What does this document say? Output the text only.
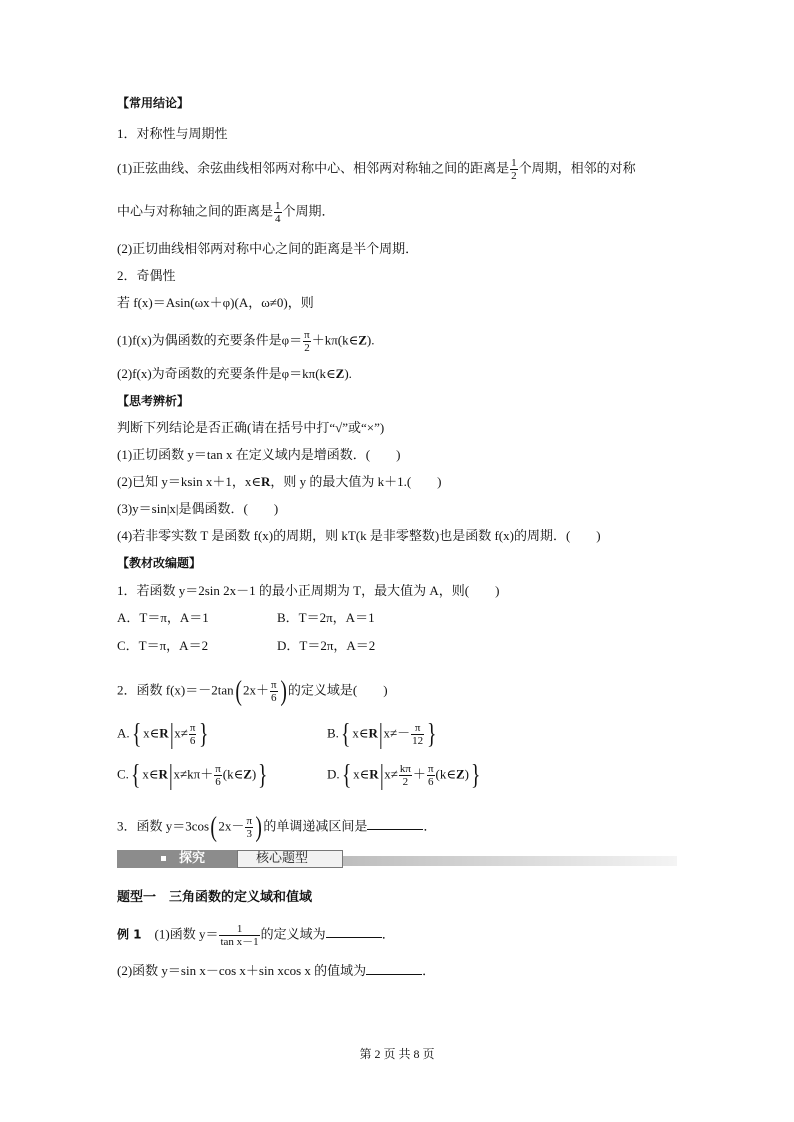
【常用结论】
1．对称性与周期性
(1)正弦曲线、余弦曲线相邻两对称中心、相邻两对称轴之间的距离是 $\frac{1}{2}$ 个周期，相邻的对称
中心与对称轴之间的距离是 $\frac{1}{4}$ 个周期．
(2)正切曲线相邻两对称中心之间的距离是半个周期．
2．奇偶性
若 f(x)＝Asin(ωx＋φ)(A，ω≠0)，则
(1)f(x)为偶函数的充要条件是$\varphi= \frac{\pi}{2}$ ＋kπ(k∈Z).
(2)f(x)为奇函数的充要条件是φ＝kπ(k∈Z).
【思考辨析】
判断下列结论是否正确(请在括号中打“√”或“×”)
(1)正切函数 y＝tan x 在定义域内是增函数．(　　)
(2)已知 y＝ksin x＋1，x∈R，则 y 的最大值为 k＋1.(　　)
(3)y＝sin|x|是偶函数．(　　)
(4)若非零实数 T 是函数 f(x)的周期，则 kT(k 是非零整数)也是函数 f(x)的周期．(　　)
【教材改编题】
1．若函数 y＝2sin 2x－1 的最小正周期为 T，最大值为 A，则(　　)
A．T＝π，A＝1	B．T＝2π，A＝1
C．T＝π，A＝2	D．T＝2π，A＝2
2．函数 $f(x)=-2\tan(2x+ \frac{\pi}{6}$ )的定义域是(　　)
A.{ x∈R|x≠ $\frac{\pi}{6}$ }	B.{ x∈R|x≠－ $\frac{\pi}{12}$ }
C.{ x∈R|x≠kπ＋ $\frac{\pi}{6}$ (k∈Z)}	D.{ x∈R|x≠ $\frac{k\pi}{2} + \frac{\pi}{6}$ (k∈Z)}
3．函数 $y=3\cos(2x- \frac{\pi}{3}$ )的单调递减区间是	．
探究	核心题型
题型一　三角函数的定义域和值域
例 1　 (1)函数 $y= \frac{1}{\text{tan x－1}}$ 的定义域为	．
(2)函数 y＝sin x－cos x＋sin xcos x 的值域为	．
第 2 页 共 8 页
